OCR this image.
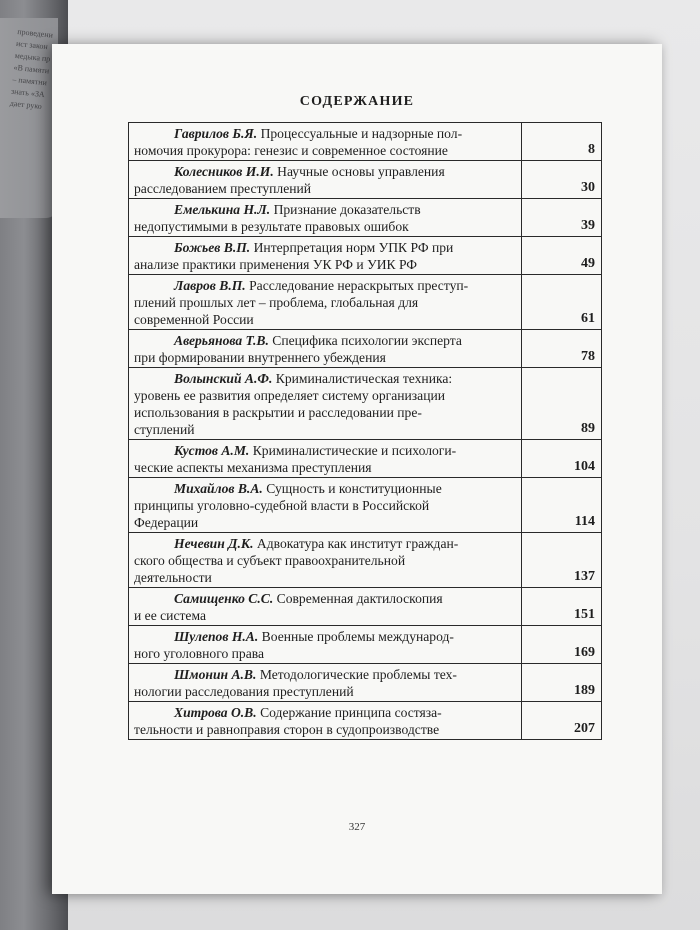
проведени
ист закон
медыка пр
«В памяти
– памятни
знать «ЗА
дает руко	СОДЕРЖАНИЕ
Гаврилов Б.Я. Процессуальные и надзорные пол-
номочия прокурора: генезис и современное состояние	8

Колесников И.И. Научные основы управления
расследованием преступлений	30

Емелькина Н.Л. Признание доказательств
недопустимыми в результате правовых ошибок	39

Божьев В.П. Интерпретация норм УПК РФ при
анализе практики применения УК РФ и УИК РФ	49

Лавров В.П. Расследование нераскрытых преступ-
плений прошлых лет – проблема, глобальная для
современной России	61

Аверьянова Т.В. Специфика психологии эксперта
при формировании внутреннего убеждения	78

Волынский А.Ф. Криминалистическая техника:
уровень ее развития определяет систему организации
использования в раскрытии и расследовании пре-
ступлений	89

Кустов А.М. Криминалистические и психологи-
ческие аспекты механизма преступления	104

Михайлов В.А. Сущность и конституционные
принципы уголовно-судебной власти в Российской
Федерации	114

Нечевин Д.К. Адвокатура как институт граждан-
ского общества и субъект правоохранительной
деятельности	137

Самищенко С.С. Современная дактилоскопия
и ее система	151

Шулепов Н.А. Военные проблемы международ-
ного уголовного права	169

Шмонин А.В. Методологические проблемы тех-
нологии расследования преступлений	189

Хитрова О.В. Содержание принципа состяза-
тельности и равноправия сторон в судопроизводстве	207
327
